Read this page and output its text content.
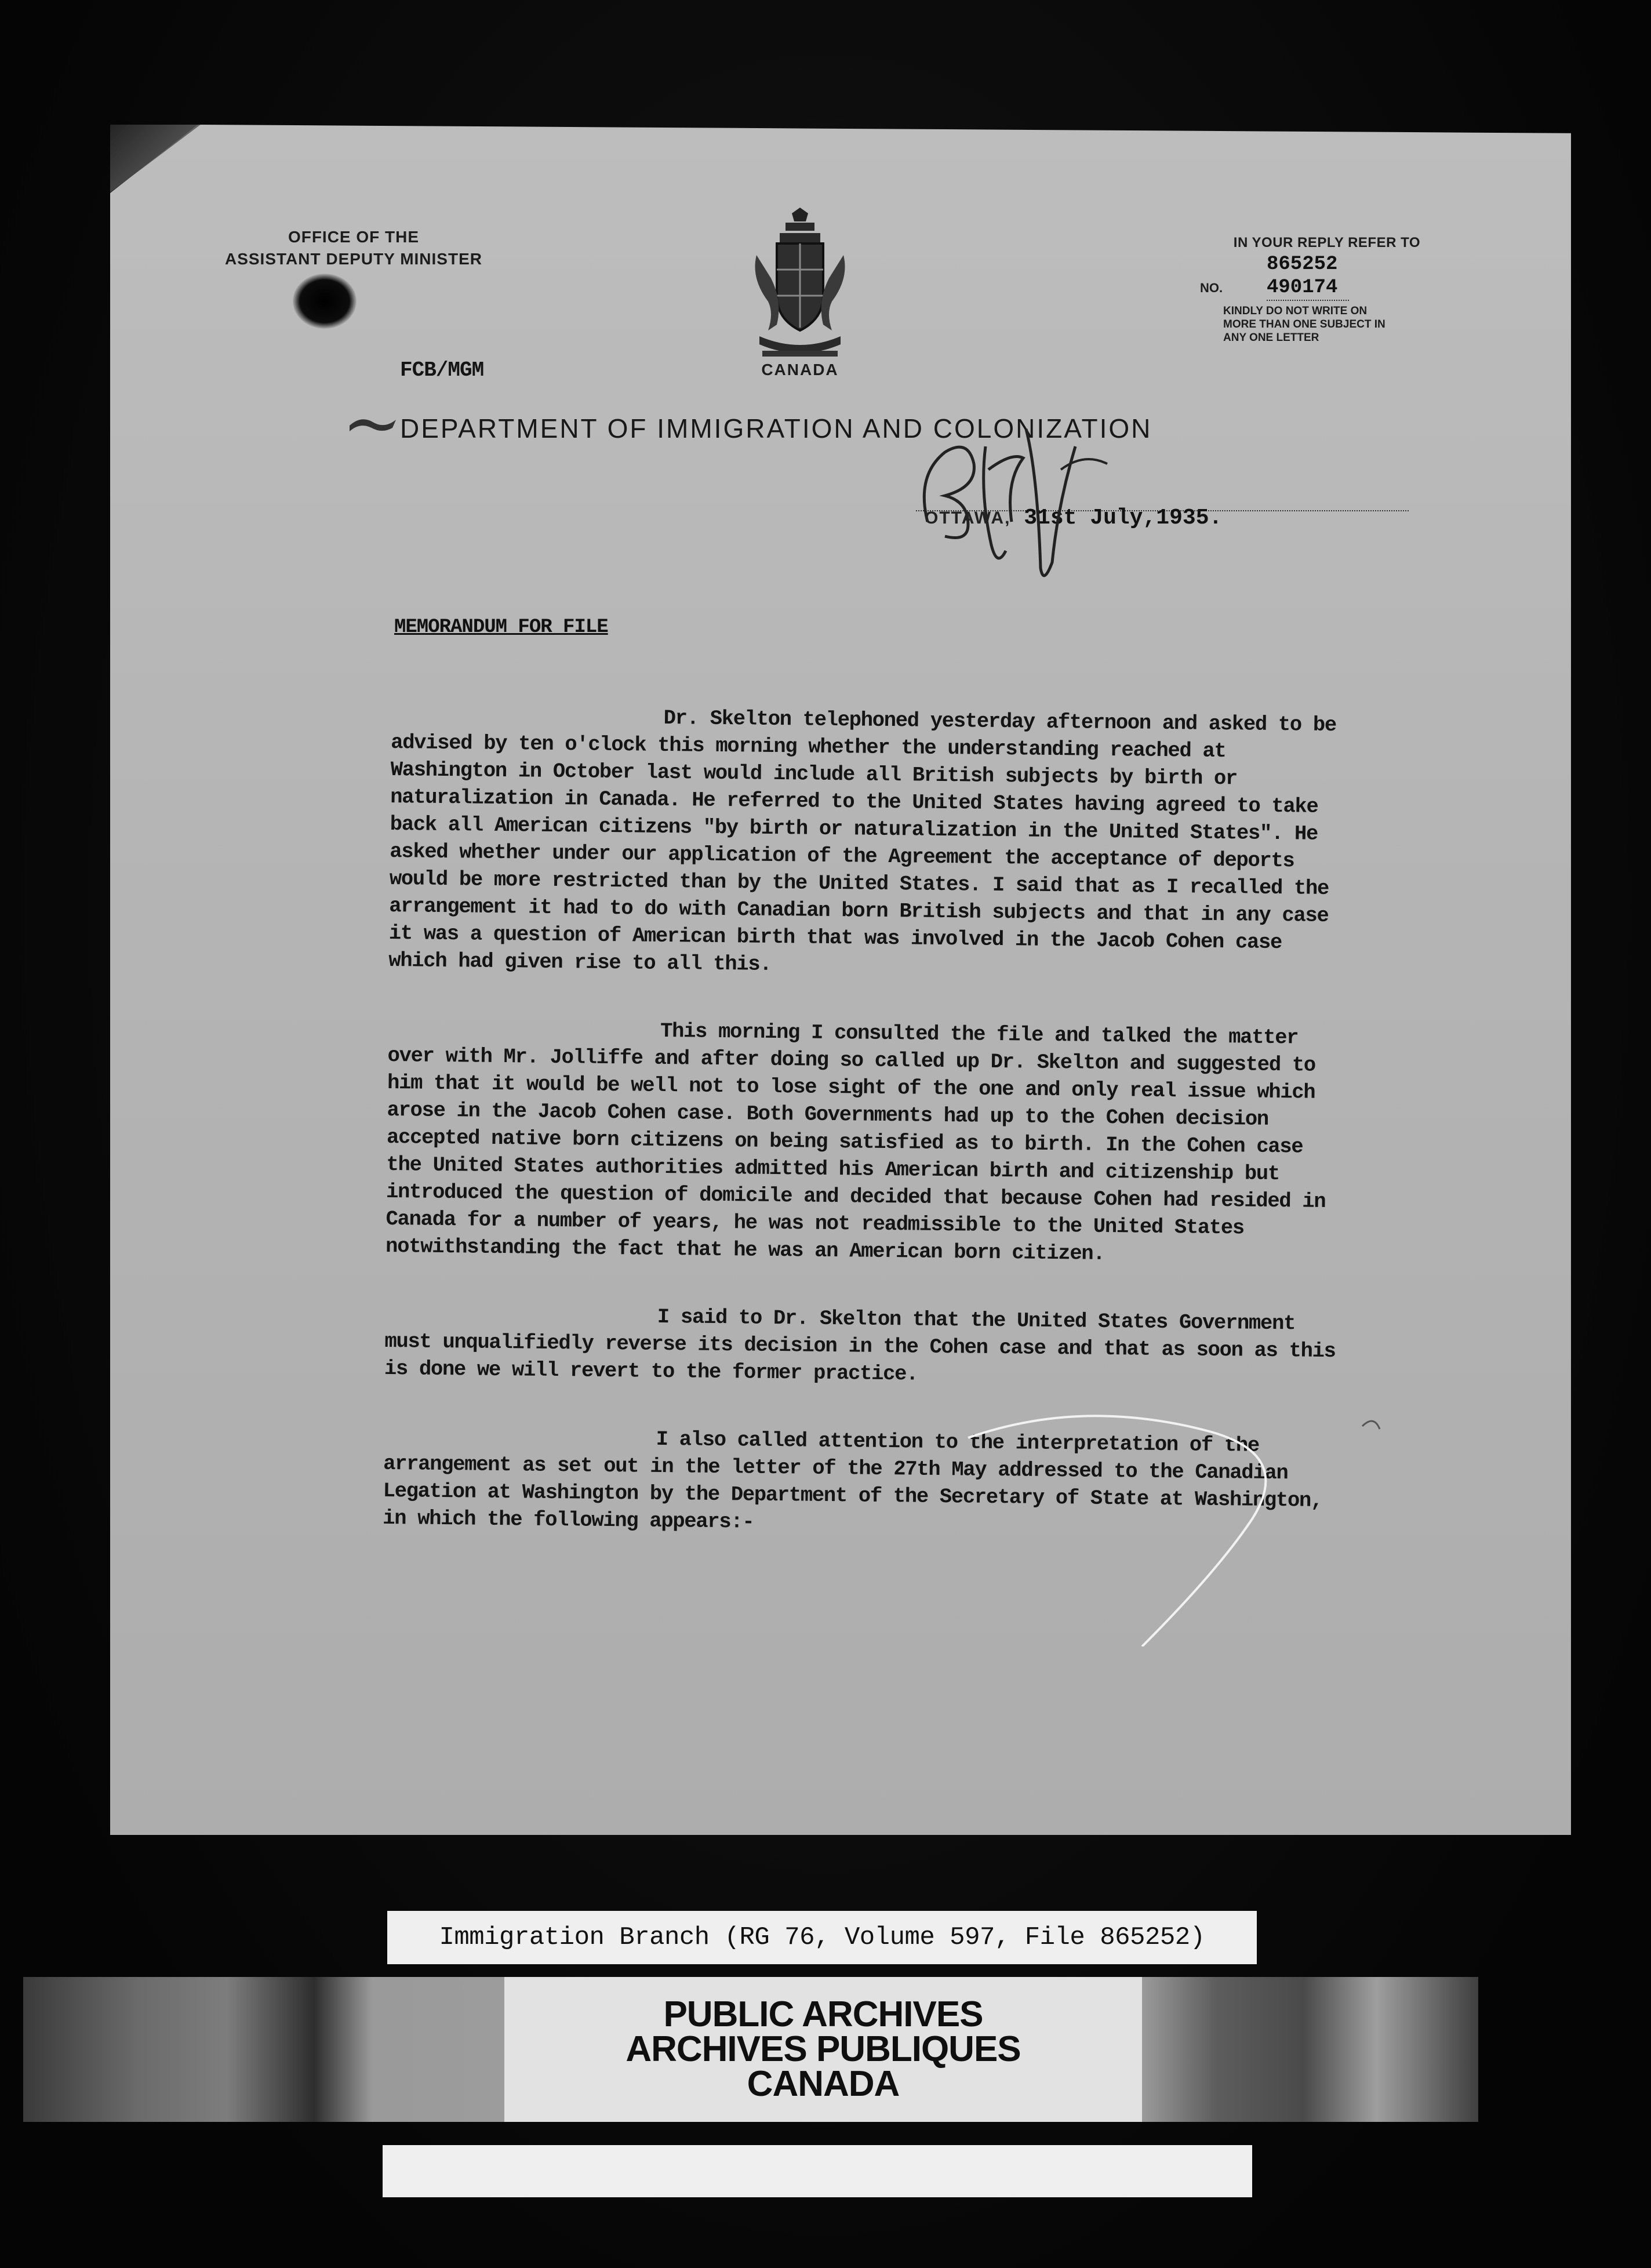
OFFICE OF THE
ASSISTANT DEPUTY MINISTER
CANADA
IN YOUR REPLY REFER TO
865252
NO.	490174
KINDLY DO NOT WRITE ON
MORE THAN ONE SUBJECT IN
ANY ONE LETTER
FCB/MGM
DEPARTMENT OF IMMIGRATION AND COLONIZATION
OTTAWA, 31st July,1935.
MEMORANDUM FOR FILE

Dr. Skelton telephoned yesterday afternoon and asked to be advised by ten o'clock this morning whether the understanding reached at Washington in October last would include all British subjects by birth or naturalization in Canada. He referred to the United States having agreed to take back all American citizens "by birth or naturalization in the United States". He asked whether under our application of the Agreement the acceptance of deports would be more restricted than by the United States. I said that as I recalled the arrangement it had to do with Canadian born British subjects and that in any case it was a question of American birth that was involved in the Jacob Cohen case which had given rise to all this.

This morning I consulted the file and talked the matter over with Mr. Jolliffe and after doing so called up Dr. Skelton and suggested to him that it would be well not to lose sight of the one and only real issue which arose in the Jacob Cohen case. Both Governments had up to the Cohen decision accepted native born citizens on being satisfied as to birth. In the Cohen case the United States authorities admitted his American birth and citizenship but introduced the question of domicile and decided that because Cohen had resided in Canada for a number of years, he was not readmissible to the United States notwithstanding the fact that he was an American born citizen.

I said to Dr. Skelton that the United States Government must unqualifiedly reverse its decision in the Cohen case and that as soon as this is done we will revert to the former practice.

I also called attention to the interpretation of the arrangement as set out in the letter of the 27th May addressed to the Canadian Legation at Washington by the Department of the Secretary of State at Washington, in which the following appears:-

Immigration Branch (RG 76, Volume 597, File 865252)
PUBLIC ARCHIVES
ARCHIVES PUBLIQUES
CANADA
